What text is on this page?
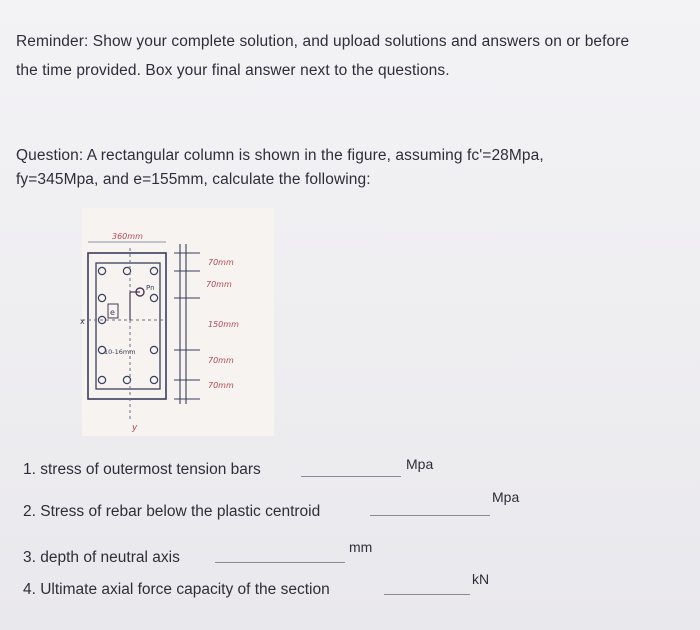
Reminder: Show your complete solution, and upload solutions and answers on or before
the time provided. Box your final answer next to the questions.
Question: A rectangular column is shown in the figure, assuming fc'=28Mpa,
fy=345Mpa, and e=155mm, calculate the following:
360mm
70mm
70mm
150mm
70mm
70mm
Pn
e
10-16mm
x
y
1. stress of outermost tension bars	Mpa
2. Stress of rebar below the plastic centroid
Mpa
3. depth of neutral axis
mm
4. Ultimate axial force capacity of the section
kN
